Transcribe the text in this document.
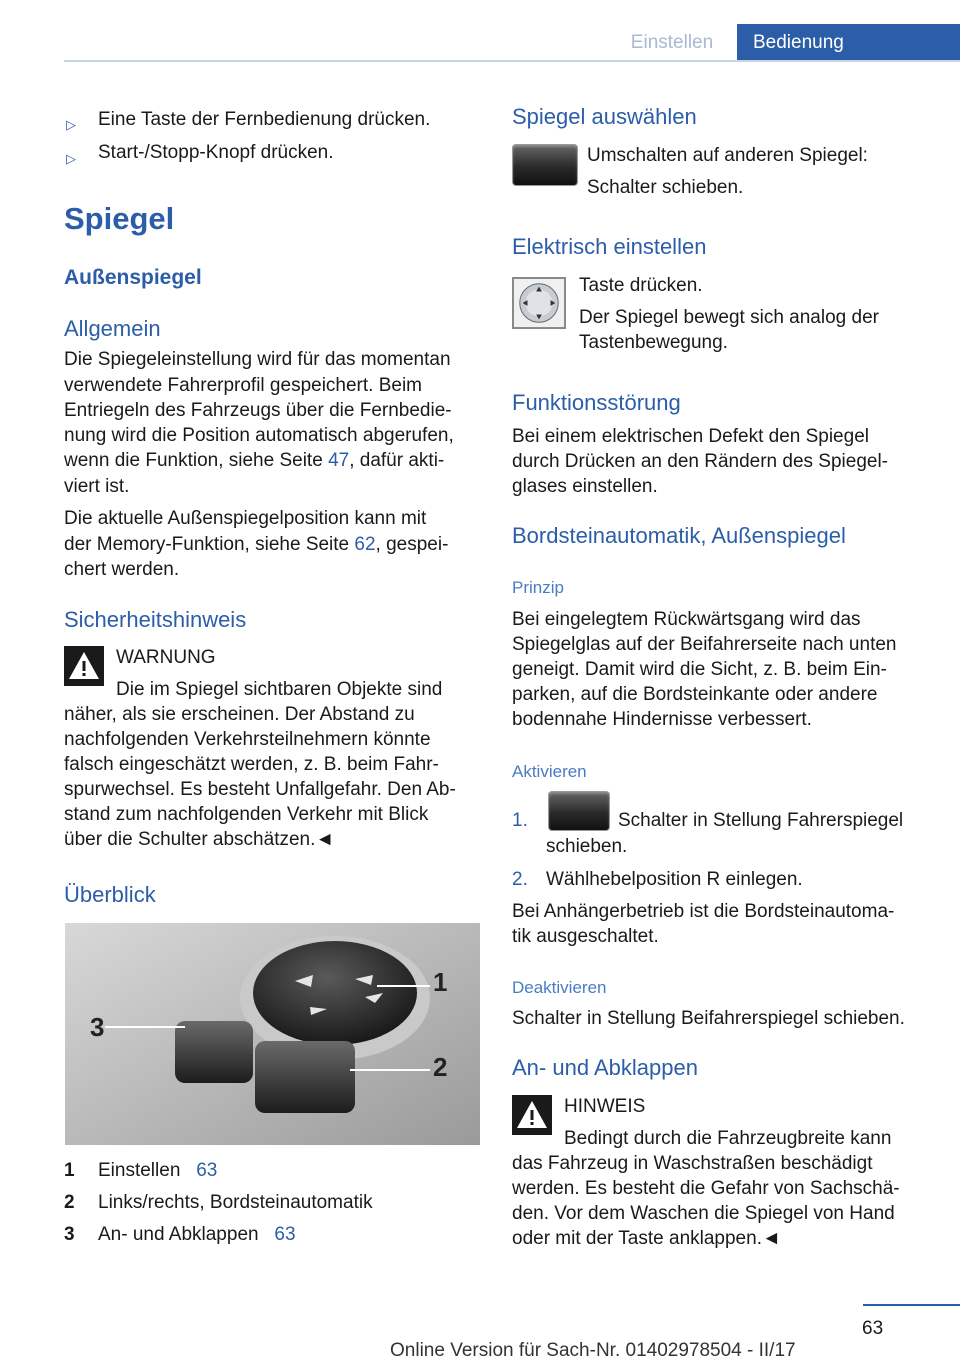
Einstellen	Bedienung
▷ Eine Taste der Fernbedienung drücken.
▷ Start-/Stopp-Knopf drücken.
Spiegel
Außenspiegel
Allgemein
Die Spiegeleinstellung wird für das momentan
verwendete Fahrerprofil gespeichert. Beim
Entriegeln des Fahrzeugs über die Fernbedie-
nung wird die Position automatisch abgerufen,
wenn die Funktion, siehe Seite 47, dafür akti-
viert ist.
Die aktuelle Außenspiegelposition kann mit
der Memory-Funktion, siehe Seite 62, gespei-
chert werden.
Sicherheitshinweis
WARNUNG
Die im Spiegel sichtbaren Objekte sind
näher, als sie erscheinen. Der Abstand zu
nachfolgenden Verkehrsteilnehmern könnte
falsch eingeschätzt werden, z. B. beim Fahr-
spurwechsel. Es besteht Unfallgefahr. Den Ab-
stand zum nachfolgenden Verkehr mit Blick
über die Schulter abschätzen.◄
Überblick
1
2
3
1 Einstellen 63
2 Links/rechts, Bordsteinautomatik
3 An- und Abklappen 63
Spiegel auswählen
Umschalten auf anderen Spiegel:
Schalter schieben.
Elektrisch einstellen
Taste drücken.
Der Spiegel bewegt sich analog der
Tastenbewegung.
Funktionsstörung
Bei einem elektrischen Defekt den Spiegel
durch Drücken an den Rändern des Spiegel-
glases einstellen.
Bordsteinautomatik, Außenspiegel
Prinzip
Bei eingelegtem Rückwärtsgang wird das
Spiegelglas auf der Beifahrerseite nach unten
geneigt. Damit wird die Sicht, z. B. beim Ein-
parken, auf die Bordsteinkante oder andere
bodennahe Hindernisse verbessert.
Aktivieren
1.	Schalter in Stellung Fahrerspiegel
schieben.
2. Wählhebelposition R einlegen.
Bei Anhängerbetrieb ist die Bordsteinautoma-
tik ausgeschaltet.
Deaktivieren
Schalter in Stellung Beifahrerspiegel schieben.
An- und Abklappen
HINWEIS
Bedingt durch die Fahrzeugbreite kann
das Fahrzeug in Waschstraßen beschädigt
werden. Es besteht die Gefahr von Sachschä-
den. Vor dem Waschen die Spiegel von Hand
oder mit der Taste anklappen.◄
63
Online Version für Sach-Nr. 01402978504 - II/17
